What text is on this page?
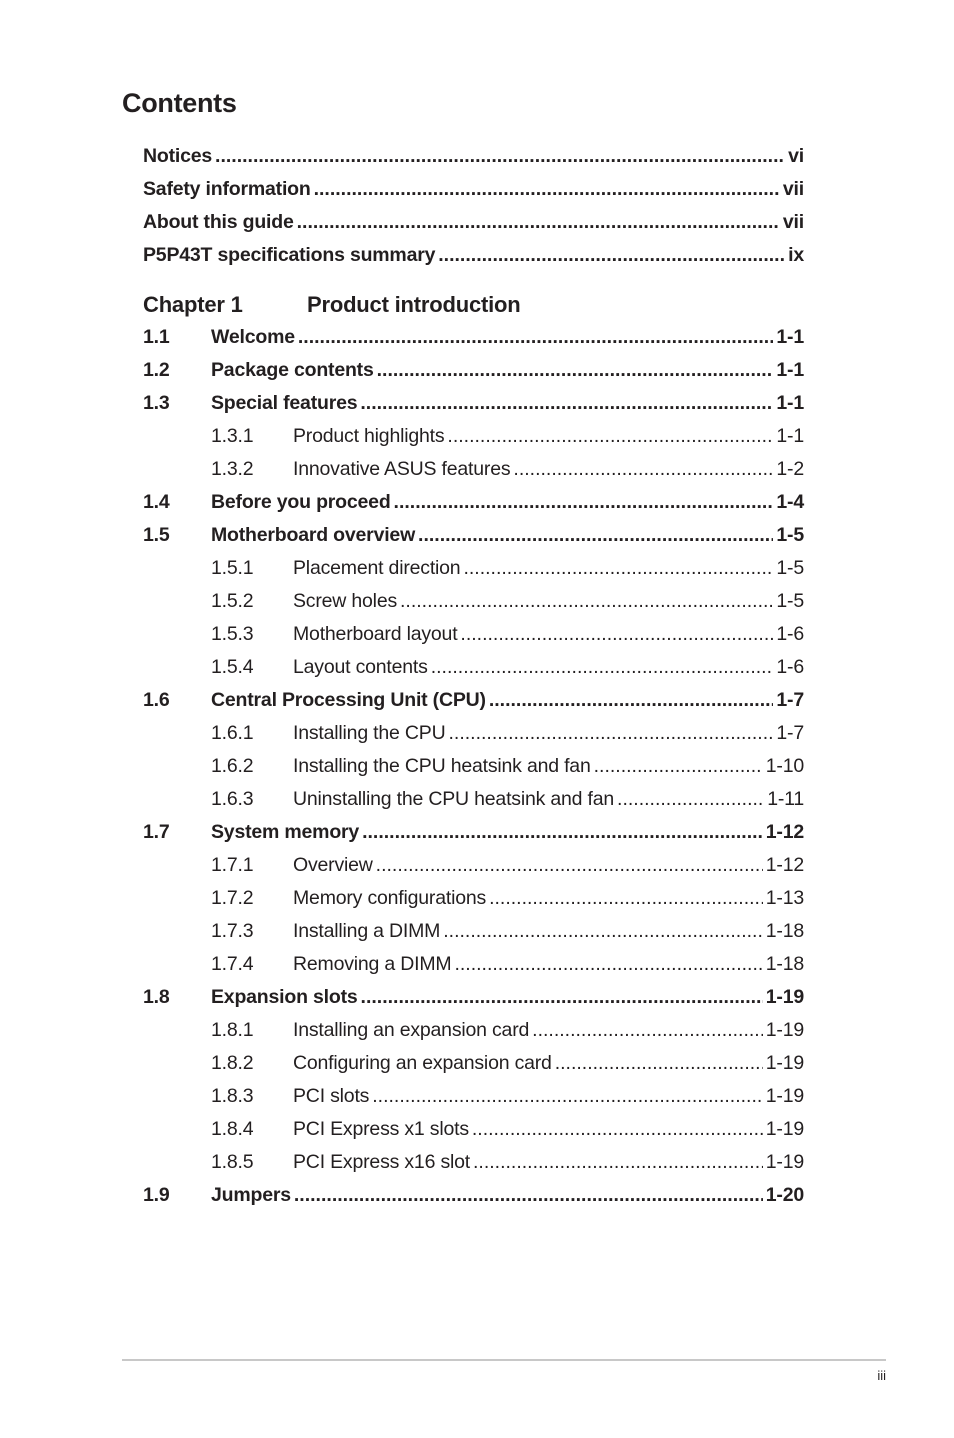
Contents
Notices .....	vi
Safety information .....	vii
About this guide .....	vii
P5P43T specifications summary .....	ix
Chapter 1	Product introduction
1.1	Welcome .....	1-1
1.2	Package contents .....	1-1
1.3	Special features .....	1-1
1.3.1	Product highlights .....	1-1
1.3.2	Innovative ASUS features .....	1-2
1.4	Before you proceed .....	1-4
1.5	Motherboard overview .....	1-5
1.5.1	Placement direction .....	1-5
1.5.2	Screw holes .....	1-5
1.5.3	Motherboard layout .....	1-6
1.5.4	Layout contents .....	1-6
1.6	Central Processing Unit (CPU) .....	1-7
1.6.1	Installing the CPU .....	1-7
1.6.2	Installing the CPU heatsink and fan .....	1-10
1.6.3	Uninstalling the CPU heatsink and fan .....	1-11
1.7	System memory .....	1-12
1.7.1	Overview .....	1-12
1.7.2	Memory configurations .....	1-13
1.7.3	Installing a DIMM .....	1-18
1.7.4	Removing a DIMM .....	1-18
1.8	Expansion slots .....	1-19
1.8.1	Installing an expansion card .....	1-19
1.8.2	Configuring an expansion card .....	1-19
1.8.3	PCI slots .....	1-19
1.8.4	PCI Express x1 slots .....	1-19
1.8.5	PCI Express x16 slot .....	1-19
1.9	Jumpers .....	1-20
iii
